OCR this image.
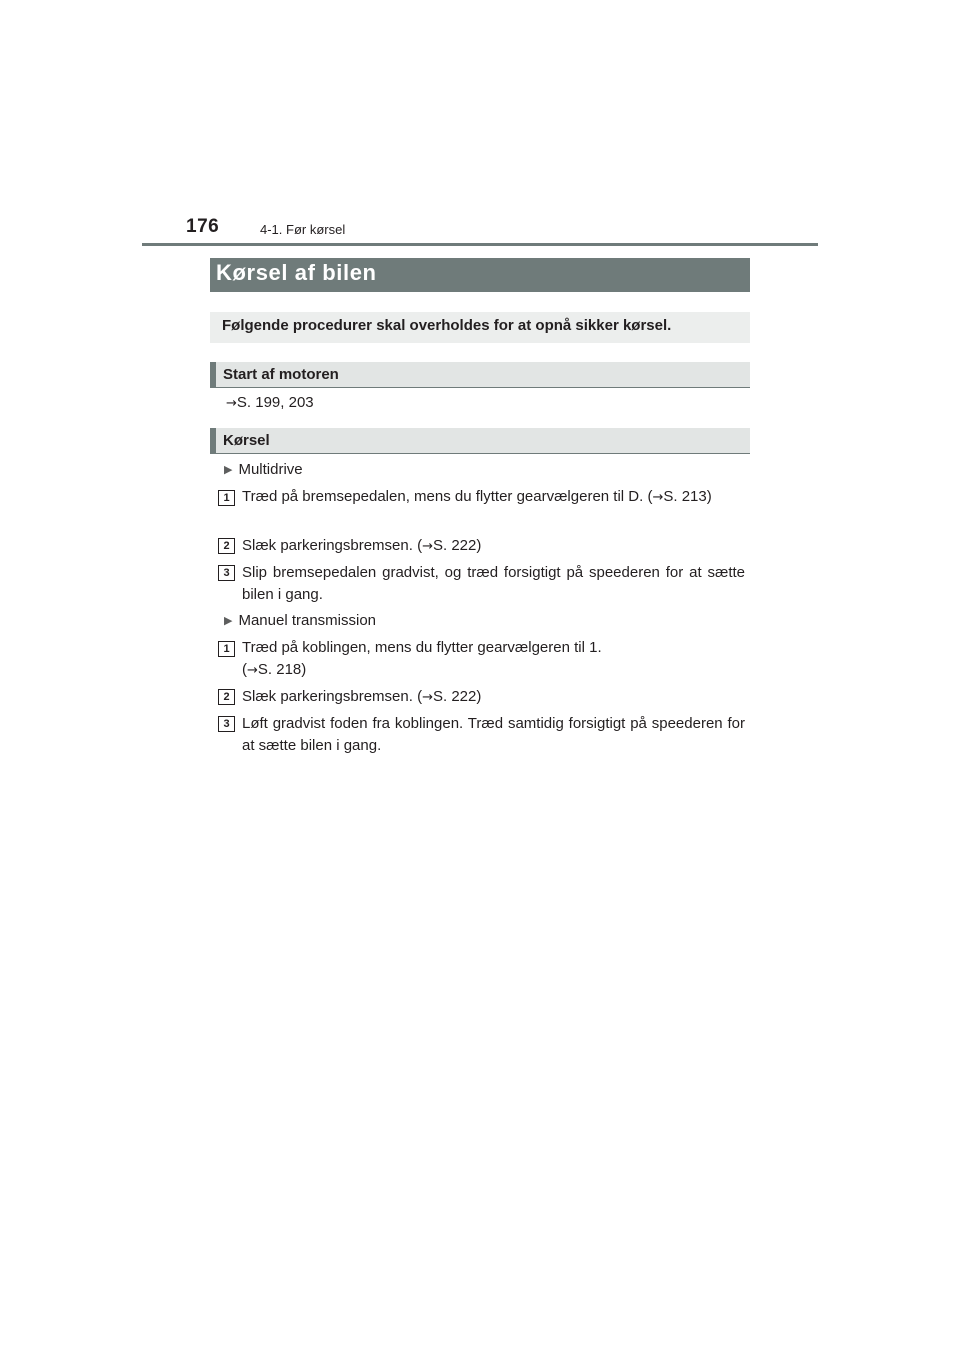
176	4-1. Før kørsel
Kørsel af bilen
Følgende procedurer skal overholdes for at opnå sikker kørsel.
Start af motoren
→S. 199, 203
Kørsel
▶ Multidrive
1 Træd på bremsepedalen, mens du flytter gearvælgeren til D. (→S. 213)
2 Slæk parkeringsbremsen. (→S. 222)
3 Slip bremsepedalen gradvist, og træd forsigtigt på speederen for at sætte bilen i gang.
▶ Manuel transmission
1 Træd på koblingen, mens du flytter gearvælgeren til 1.
(→S. 218)
2 Slæk parkeringsbremsen. (→S. 222)
3 Løft gradvist foden fra koblingen. Træd samtidig forsigtigt på speederen for at sætte bilen i gang.
